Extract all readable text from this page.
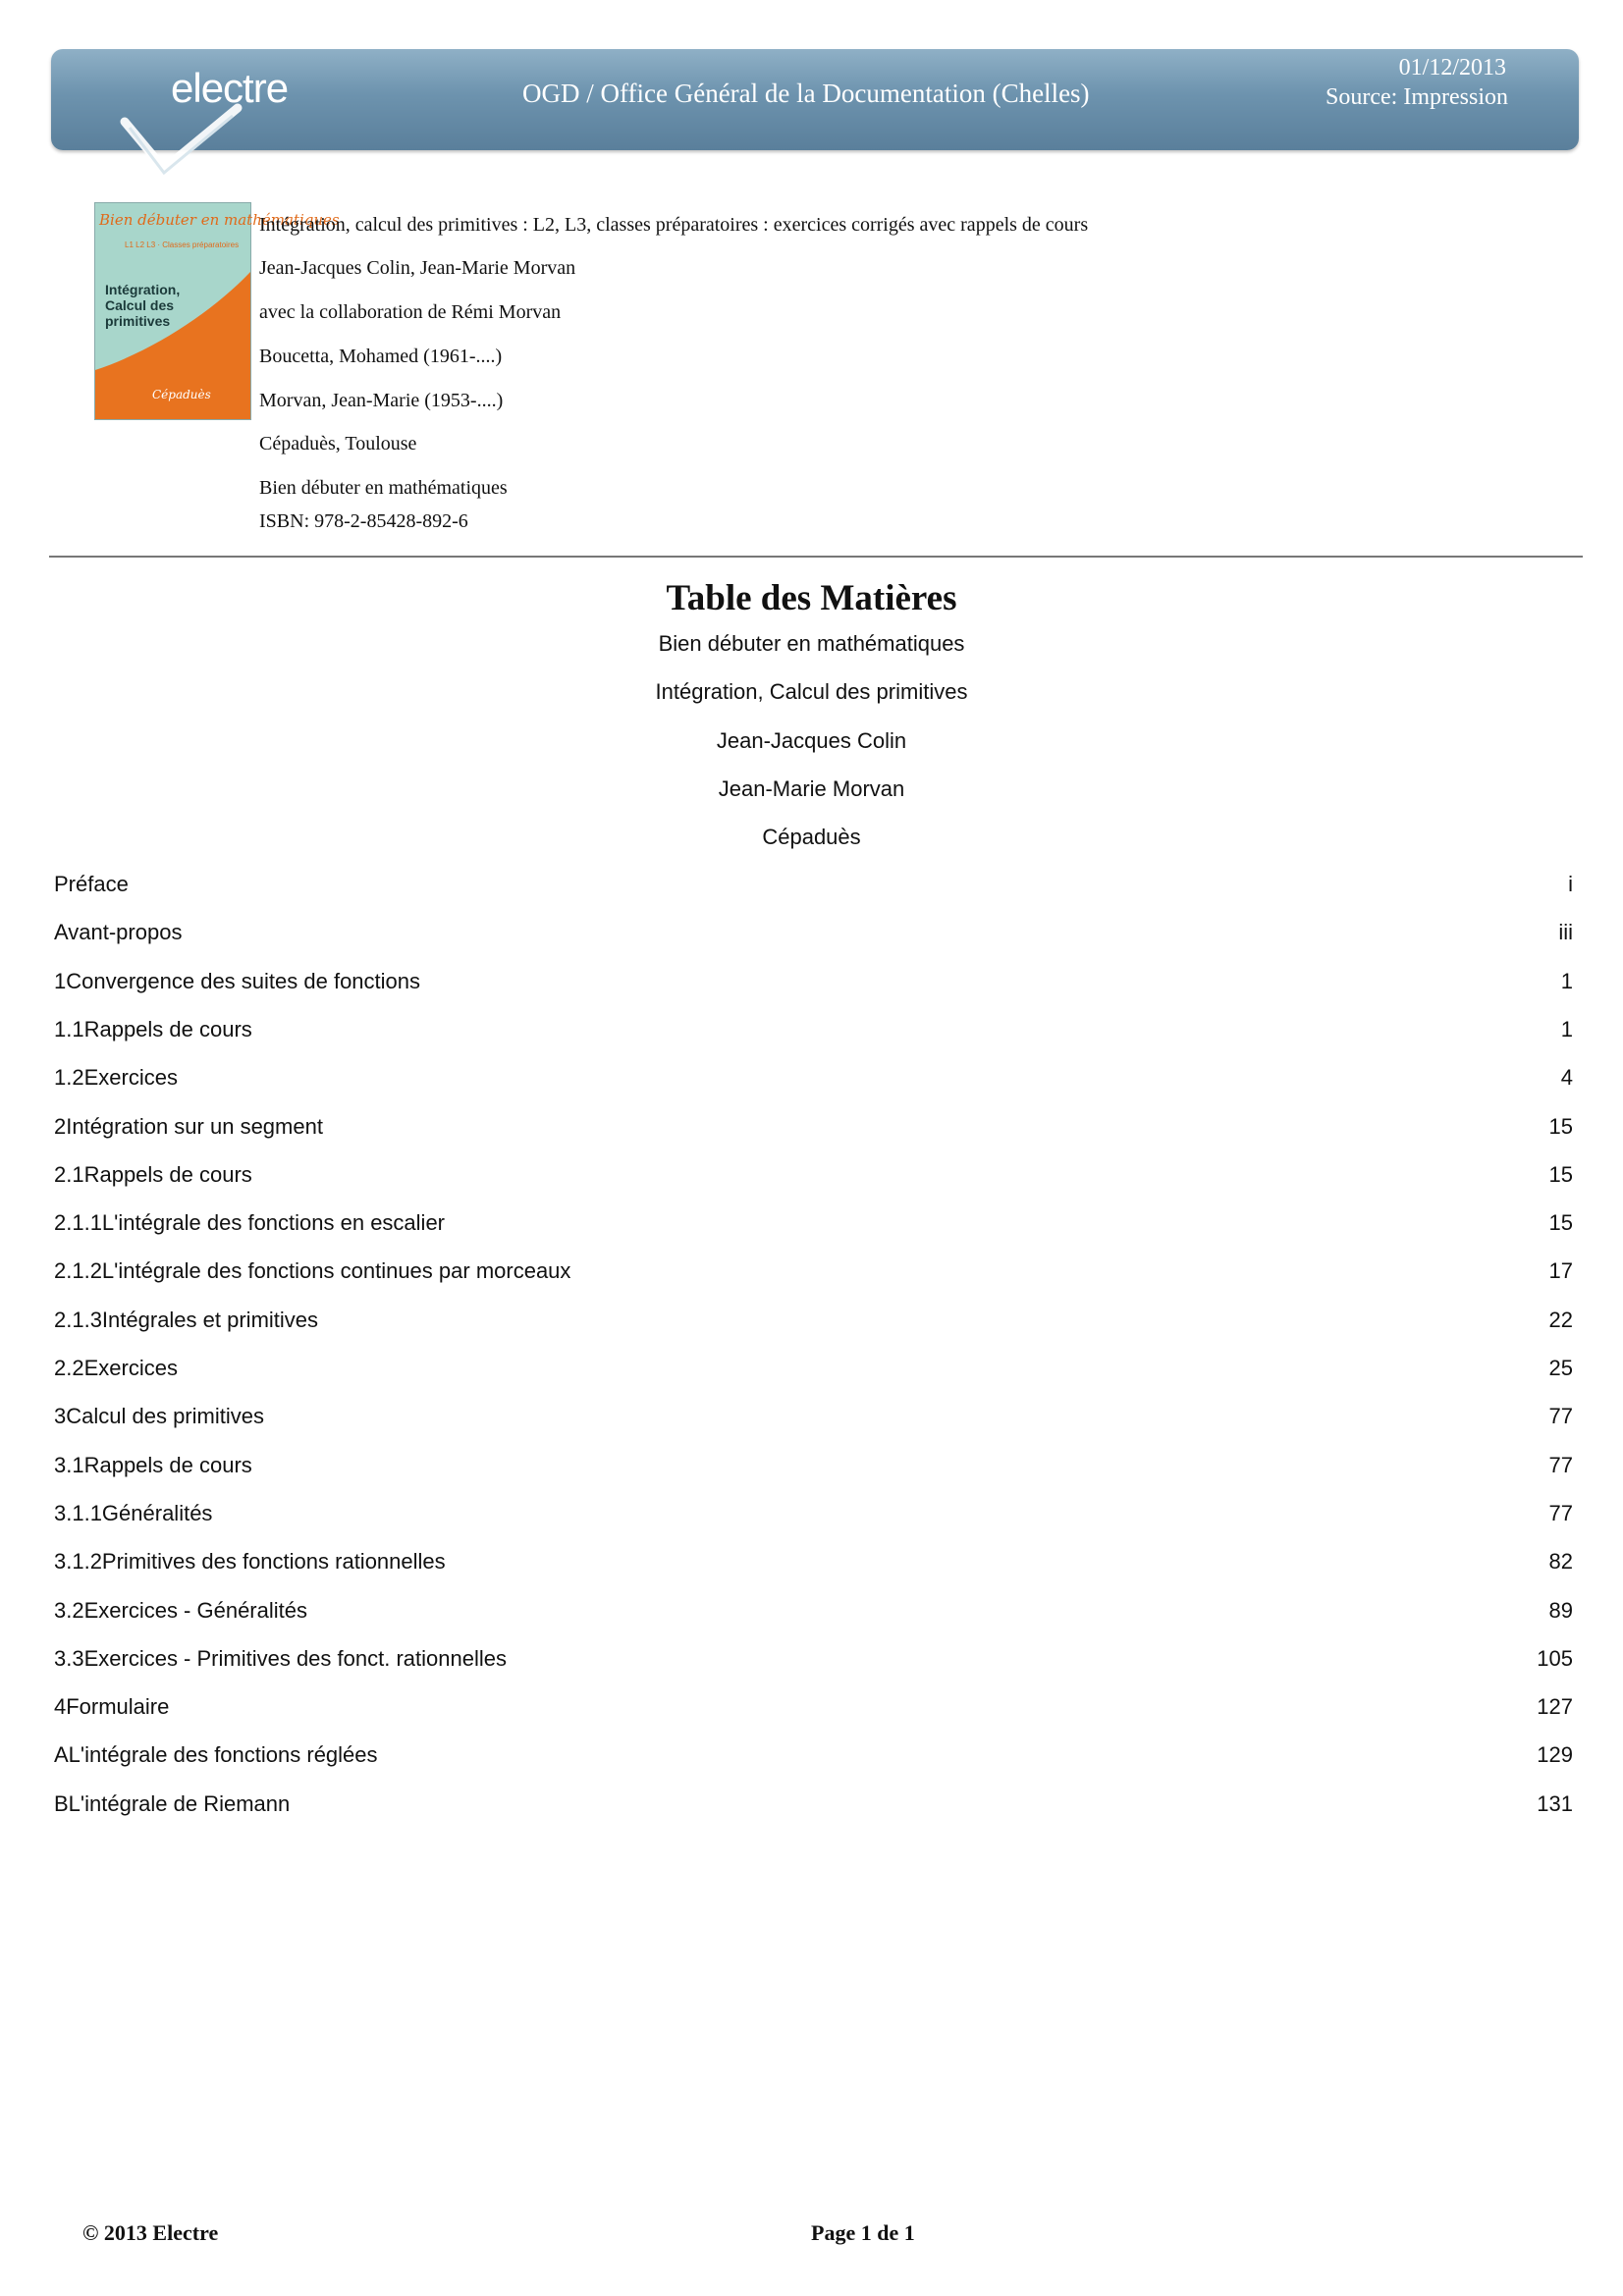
electre	OGD / Office Général de la Documentation (Chelles)
01/12/2013
Source: Impression
Bien débuter en mathématiques
L1 L2 L3 · Classes préparatoires
Intégration, Calcul des primitives
Cépaduès
Intégration, calcul des primitives : L2, L3, classes préparatoires : exercices corrigés avec rappels de cours
Jean-Jacques Colin, Jean-Marie Morvan
avec la collaboration de Rémi Morvan
Boucetta, Mohamed (1961-....)
Morvan, Jean-Marie (1953-....)
Cépaduès, Toulouse
Bien débuter en mathématiques
ISBN: 978-2-85428-892-6
Table des Matières
Bien débuter en mathématiques
Intégration, Calcul des primitives
Jean-Jacques Colin
Jean-Marie Morvan
Cépaduès
Préface	i
Avant-propos	iii
1Convergence des suites de fonctions	1
1.1Rappels de cours	1
1.2Exercices	4
2Intégration sur un segment	15
2.1Rappels de cours	15
2.1.1L'intégrale des fonctions en escalier	15
2.1.2L'intégrale des fonctions continues par morceaux	17
2.1.3Intégrales et primitives	22
2.2Exercices	25
3Calcul des primitives	77
3.1Rappels de cours	77
3.1.1Généralités	77
3.1.2Primitives des fonctions rationnelles	82
3.2Exercices - Généralités	89
3.3Exercices - Primitives des fonct. rationnelles	105
4Formulaire	127
AL'intégrale des fonctions réglées	129
BL'intégrale de Riemann	131
© 2013 Electre	Page 1 de 1
